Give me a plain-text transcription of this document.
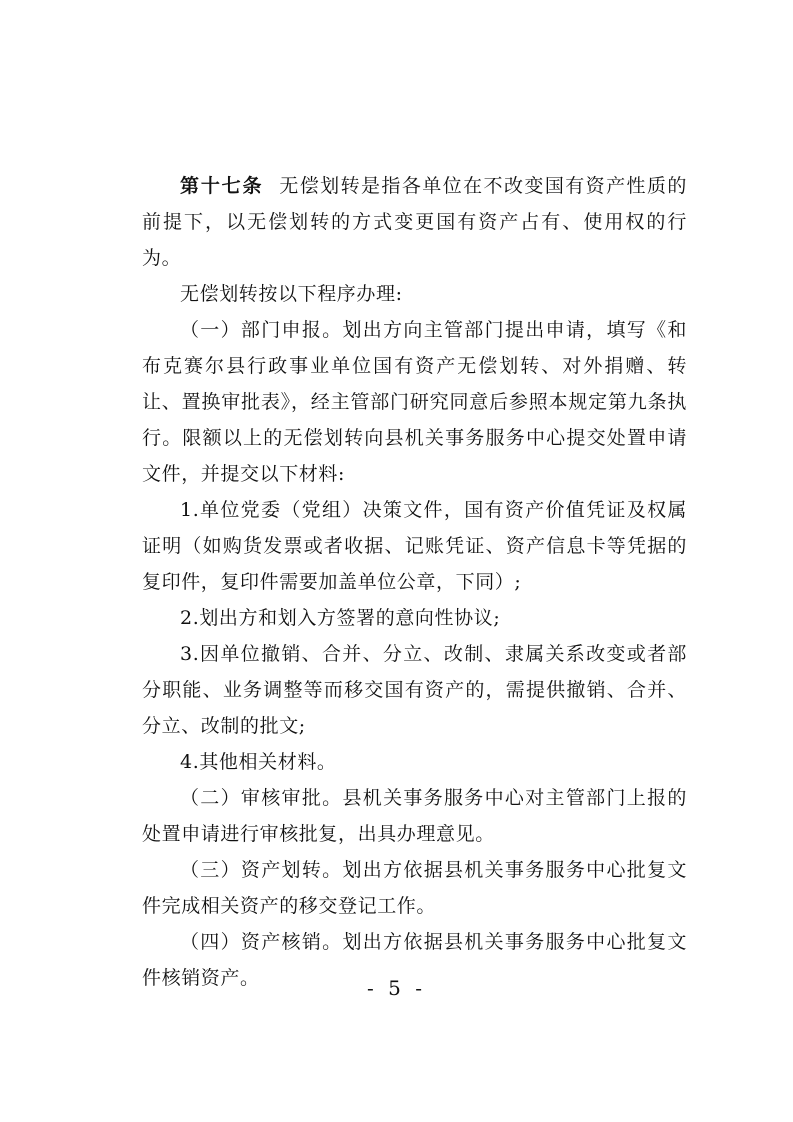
第十七条 无偿划转是指各单位在不改变国有资产性质的前提下，以无偿划转的方式变更国有资产占有、使用权的行为。

无偿划转按以下程序办理:

（一）部门申报。划出方向主管部门提出申请，填写《和布克赛尔县行政事业单位国有资产无偿划转、对外捐赠、转让、置换审批表》，经主管部门研究同意后参照本规定第九条执行。限额以上的无偿划转向县机关事务服务中心提交处置申请文件，并提交以下材料:

1.单位党委（党组）决策文件，国有资产价值凭证及权属证明（如购货发票或者收据、记账凭证、资产信息卡等凭据的复印件，复印件需要加盖单位公章，下同）;

2.划出方和划入方签署的意向性协议;

3.因单位撤销、合并、分立、改制、隶属关系改变或者部分职能、业务调整等而移交国有资产的，需提供撤销、合并、分立、改制的批文;

4.其他相关材料。

（二）审核审批。县机关事务服务中心对主管部门上报的处置申请进行审核批复，出具办理意见。

（三）资产划转。划出方依据县机关事务服务中心批复文件完成相关资产的移交登记工作。

（四）资产核销。划出方依据县机关事务服务中心批复文件核销资产。	- 5 -
